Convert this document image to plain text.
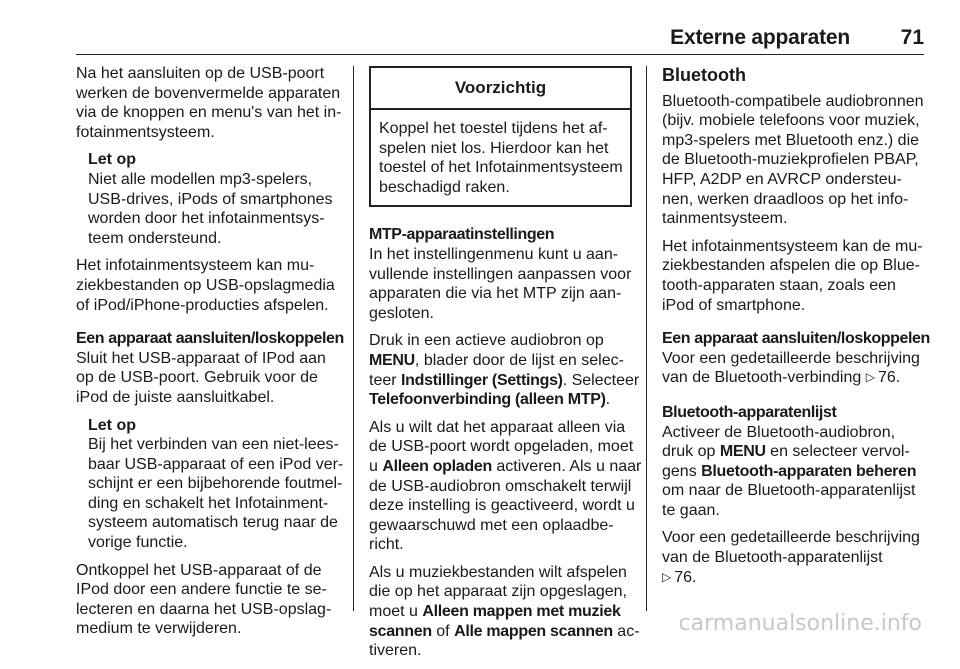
Externe apparaten 71

Na het aansluiten op de USB-poort
werken de bovenvermelde apparaten
via de knoppen en menu's van het in-
fotainmentsysteem.

Let op
Niet alle modellen mp3-spelers,
USB-drives, iPods of smartphones
worden door het infotainmentsys-
teem ondersteund.

Het infotainmentsysteem kan mu-
ziekbestanden op USB-opslagmedia
of iPod/iPhone-producties afspelen.

Een apparaat aansluiten/loskoppelen

Sluit het USB-apparaat of IPod aan
op de USB-poort. Gebruik voor de
iPod de juiste aansluitkabel.

Let op
Bij het verbinden van een niet-lees-
baar USB-apparaat of een iPod ver-
schijnt er een bijbehorende foutmel-
ding en schakelt het Infotainment-
systeem automatisch terug naar de
vorige functie.

Ontkoppel het USB-apparaat of de
IPod door een andere functie te se-
lecteren en daarna het USB-opslag-
medium te verwijderen.

Voorzichtig
Koppel het toestel tijdens het af-
spelen niet los. Hierdoor kan het
toestel of het Infotainmentsysteem
beschadigd raken.
MTP-apparaatinstellingen

In het instellingenmenu kunt u aan-
vullende instellingen aanpassen voor
apparaten die via het MTP zijn aan-
gesloten.

Druk in een actieve audiobron op
MENU, blader door de lijst en selec-
teer Indstillinger (Settings). Selecteer
Telefoonverbinding (alleen MTP).

Als u wilt dat het apparaat alleen via
de USB-poort wordt opgeladen, moet
u Alleen opladen activeren. Als u naar
de USB-audiobron omschakelt terwijl
deze instelling is geactiveerd, wordt u
gewaarschuwd met een oplaadbe-
richt.

Als u muziekbestanden wilt afspelen
die op het apparaat zijn opgeslagen,
moet u Alleen mappen met muziek
scannen of Alle mappen scannen ac-
tiveren.

Bluetooth

Bluetooth-compatibele audiobronnen
(bijv. mobiele telefoons voor muziek,
mp3-spelers met Bluetooth enz.) die
de Bluetooth-muziekprofielen PBAP,
HFP, A2DP en AVRCP ondersteu-
nen, werken draadloos op het info-
tainmentsysteem.

Het infotainmentsysteem kan de mu-
ziekbestanden afspelen die op Blue-
tooth-apparaten staan, zoals een
iPod of smartphone.

Een apparaat aansluiten/loskoppelen

Voor een gedetailleerde beschrijving
van de Bluetooth-verbinding ▷ 76.

Bluetooth-apparatenlijst

Activeer de Bluetooth-audiobron,
druk op MENU en selecteer vervol-
gens Bluetooth-apparaten beheren
om naar de Bluetooth-apparatenlijst
te gaan.

Voor een gedetailleerde beschrijving
van de Bluetooth-apparatenlijst
▷ 76.

carmanualsonline.info
